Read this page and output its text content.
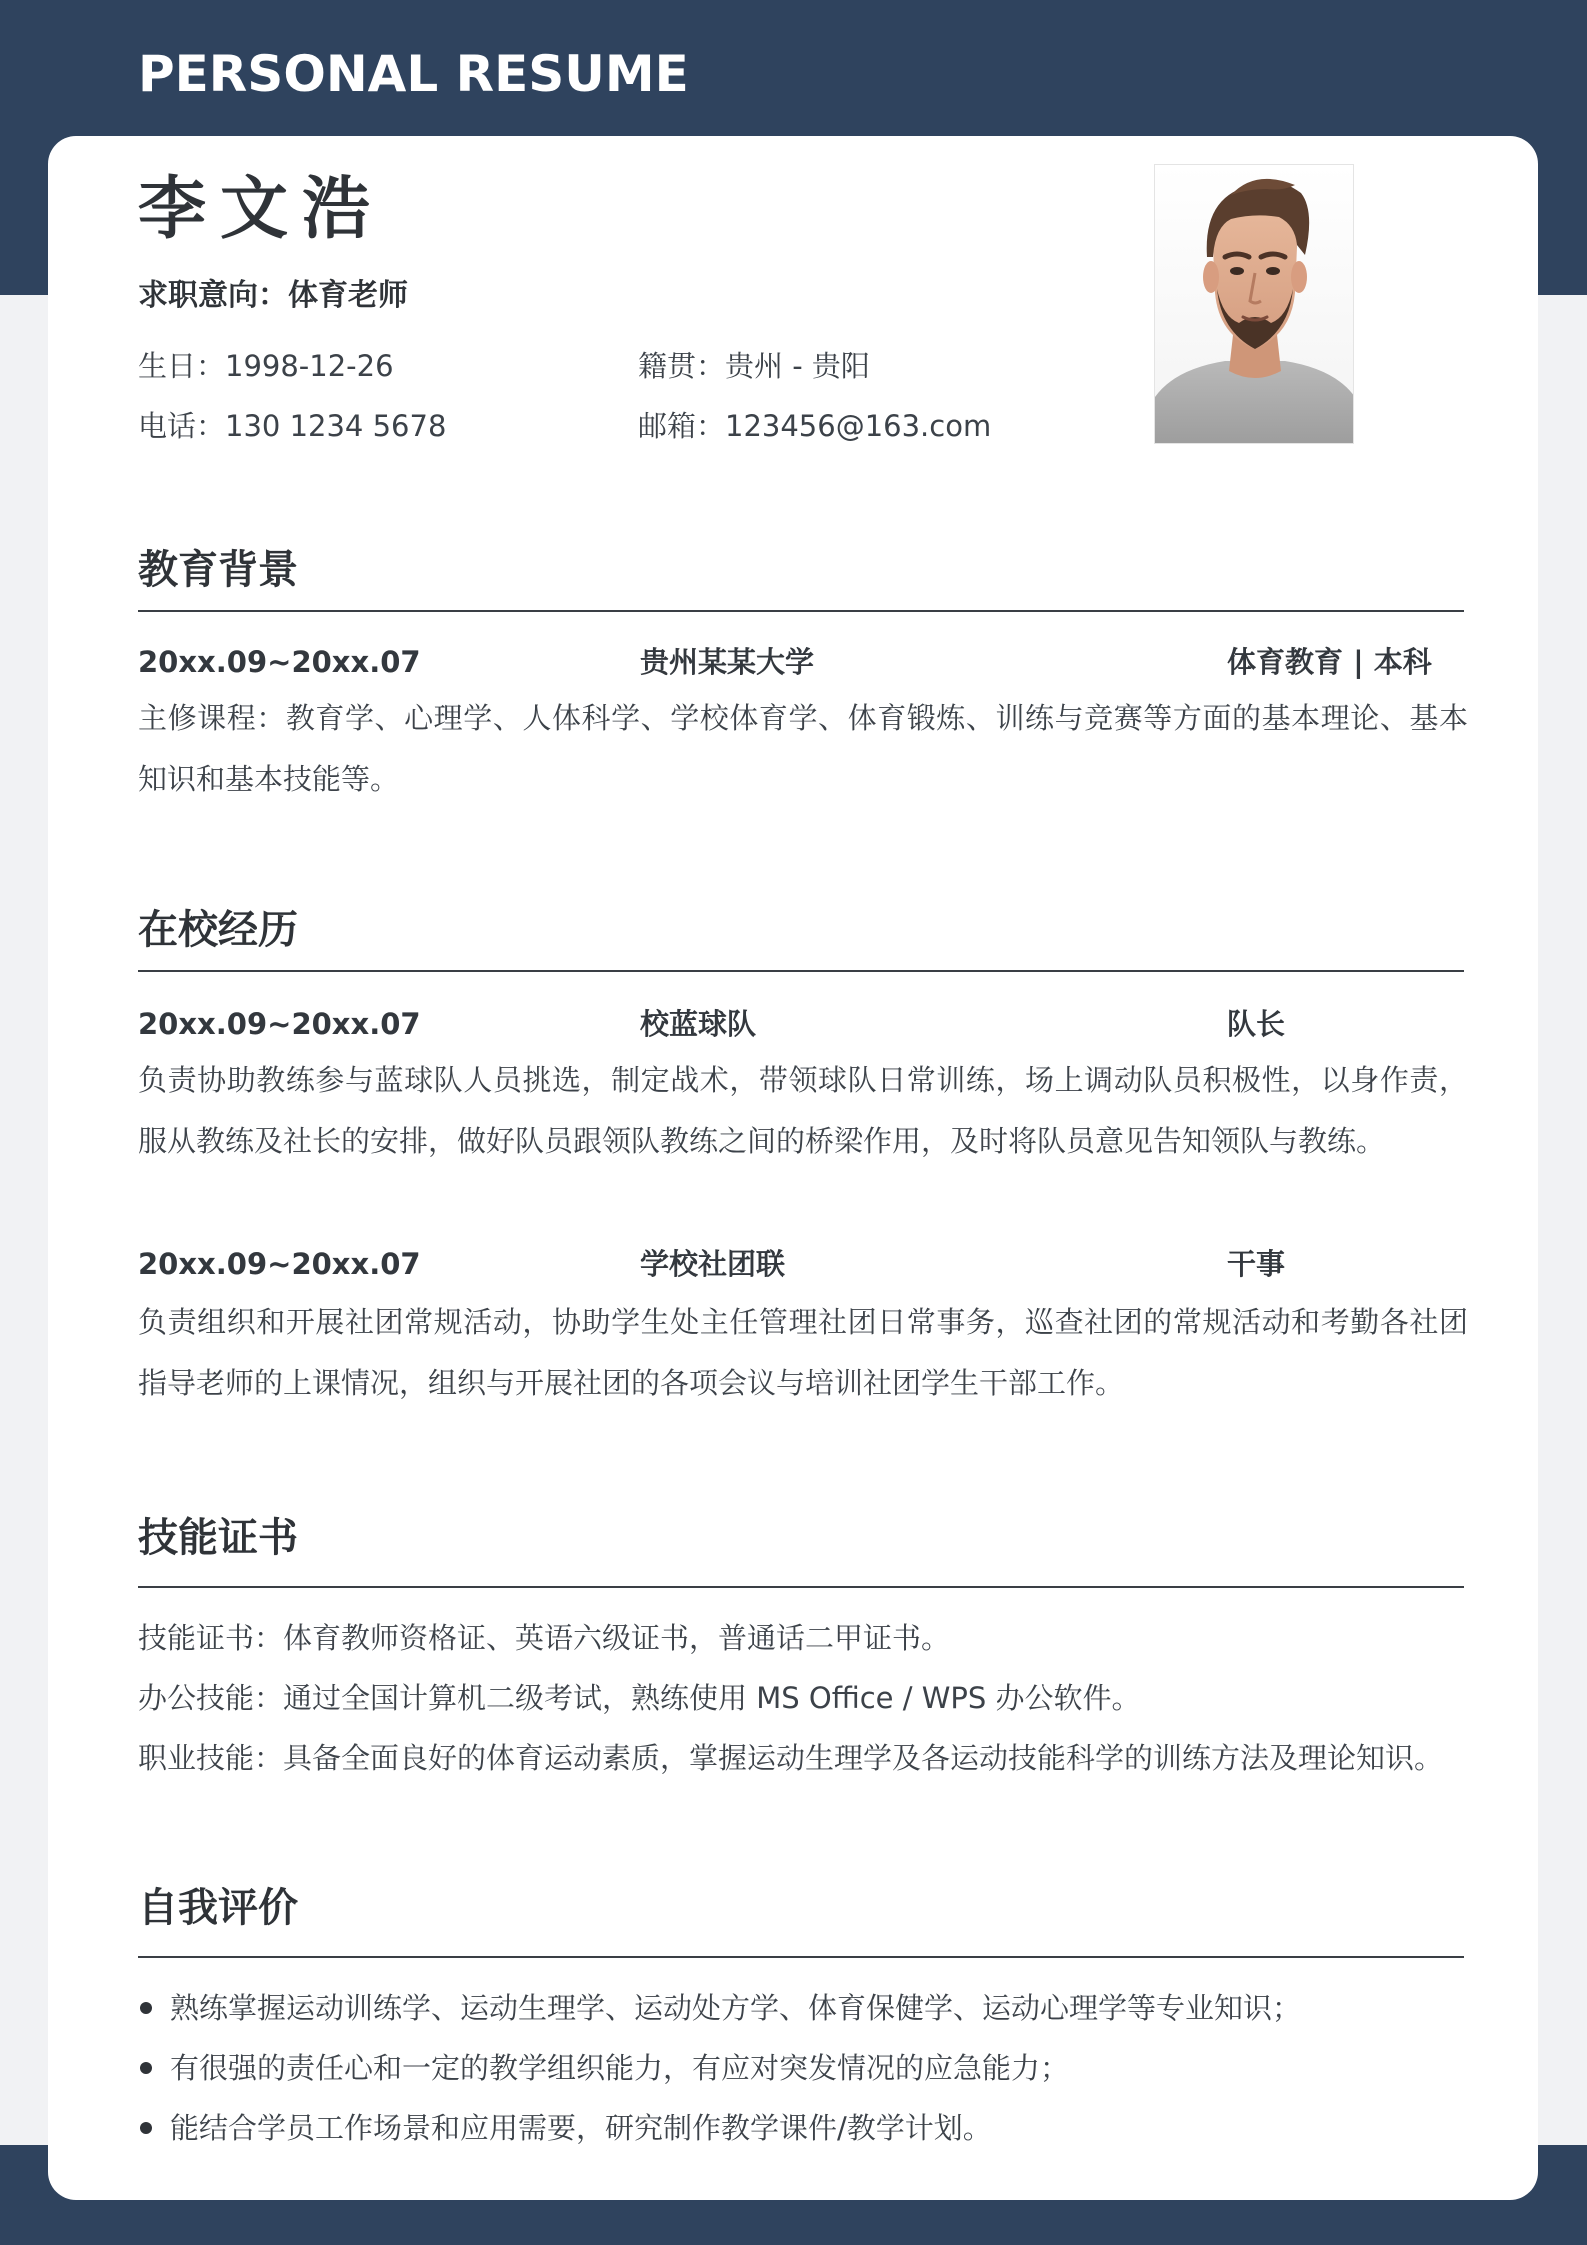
PERSONAL RESUME
李文浩
求职意向：体育老师
生日：1998-12-26	籍贯：贵州 - 贵阳
电话：130 1234 5678	邮箱：123456@163.com
教育背景
20xx.09~20xx.07	贵州某某大学	体育教育 | 本科
主修课程：教育学、心理学、人体科学、学校体育学、体育锻炼、训练与竞赛等方面的基本理论、基本知识和基本技能等。
在校经历
20xx.09~20xx.07	校蓝球队	队长
负责协助教练参与蓝球队人员挑选，制定战术，带领球队日常训练，场上调动队员积极性，以身作责，服从教练及社长的安排，做好队员跟领队教练之间的桥梁作用，及时将队员意见告知领队与教练。
20xx.09~20xx.07	学校社团联	干事
负责组织和开展社团常规活动，协助学生处主任管理社团日常事务，巡查社团的常规活动和考勤各社团指导老师的上课情况，组织与开展社团的各项会议与培训社团学生干部工作。
技能证书
技能证书：体育教师资格证、英语六级证书，普通话二甲证书。
办公技能：通过全国计算机二级考试，熟练使用 MS Office / WPS 办公软件。
职业技能：具备全面良好的体育运动素质，掌握运动生理学及各运动技能科学的训练方法及理论知识。
自我评价
熟练掌握运动训练学、运动生理学、运动处方学、体育保健学、运动心理学等专业知识；
有很强的责任心和一定的教学组织能力，有应对突发情况的应急能力；
能结合学员工作场景和应用需要，研究制作教学课件/教学计划。
